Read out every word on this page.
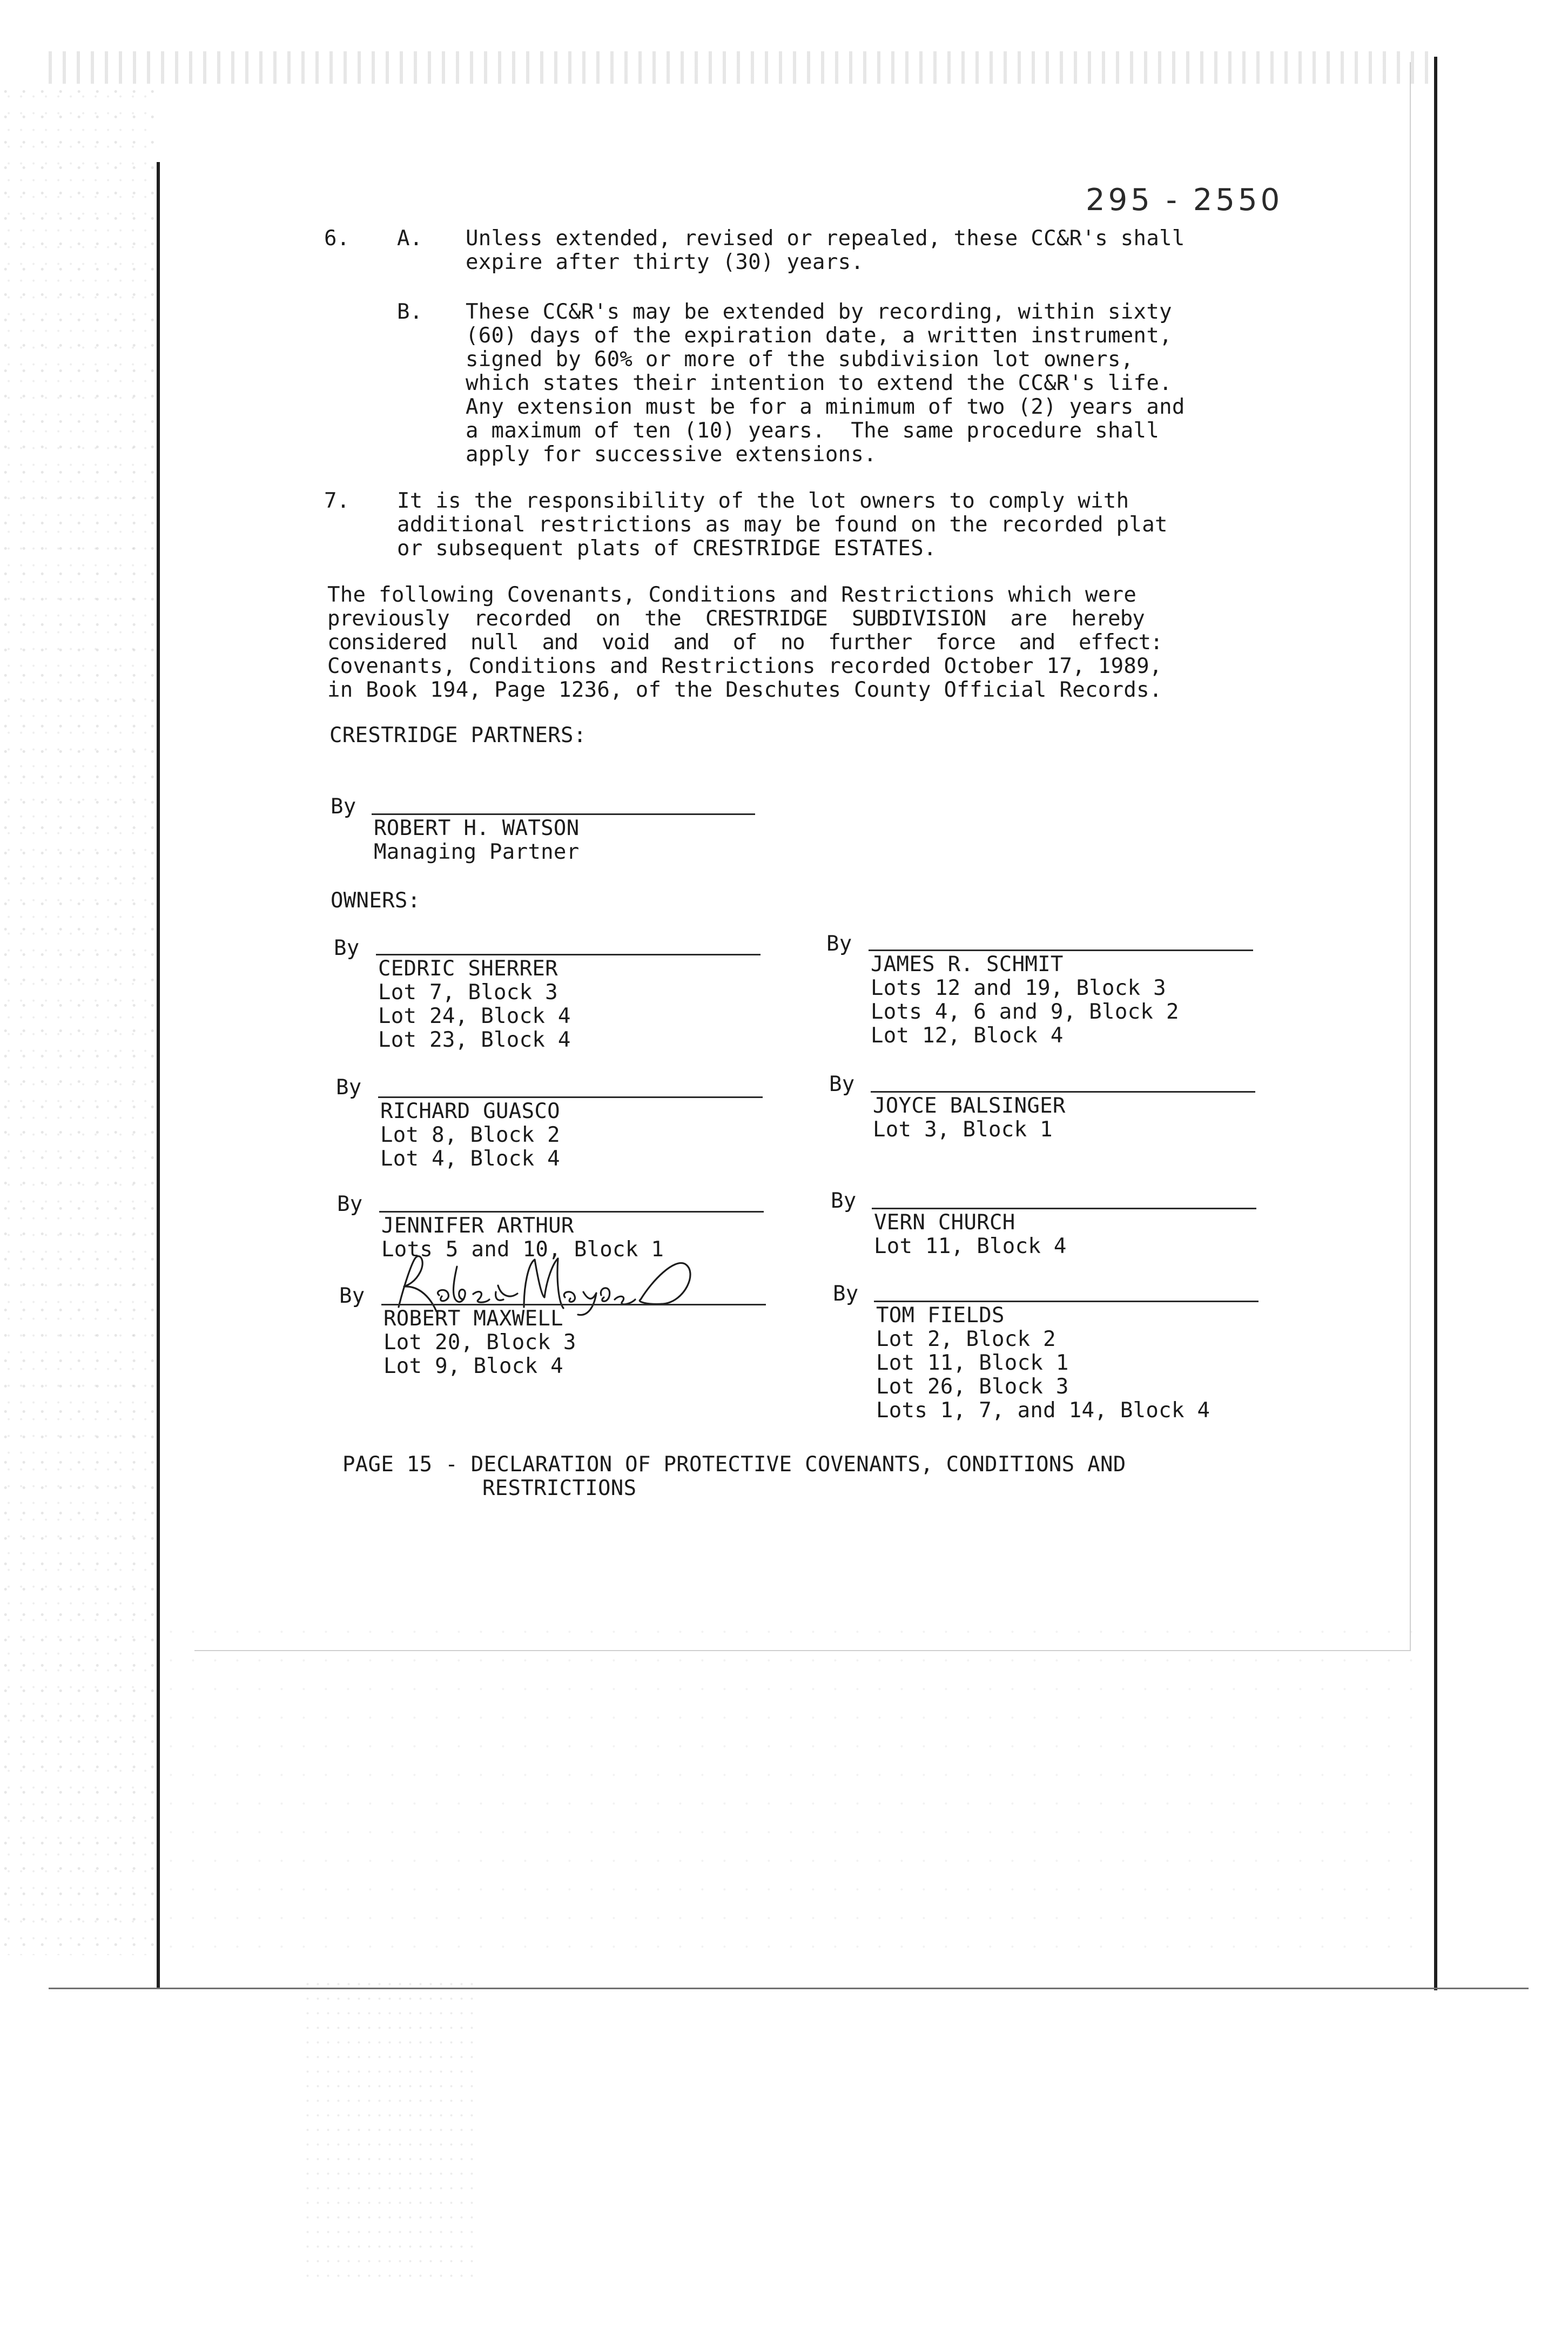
295 - 2550
6. A. Unless extended, revised or repealed, these CC&R's shall
expire after thirty (30) years.
B. These CC&R's may be extended by recording, within sixty
(60) days of the expiration date, a written instrument,
signed by 60% or more of the subdivision lot owners,
which states their intention to extend the CC&R's life.
Any extension must be for a minimum of two (2) years and
a maximum of ten (10) years.  The same procedure shall
apply for successive extensions.
7. It is the responsibility of the lot owners to comply with
additional restrictions as may be found on the recorded plat
or subsequent plats of CRESTRIDGE ESTATES.
The following Covenants, Conditions and Restrictions which were
previously  recorded  on  the  CRESTRIDGE  SUBDIVISION  are  hereby
considered  null  and  void  and  of  no  further  force  and  effect:
Covenants, Conditions and Restrictions recorded October 17, 1989,
in Book 194, Page 1236, of the Deschutes County Official Records.
CRESTRIDGE PARTNERS:
By
ROBERT H. WATSON
Managing Partner
OWNERS:
By
CEDRIC SHERRER
Lot 7, Block 3
Lot 24, Block 4
Lot 23, Block 4
By
JAMES R. SCHMIT
Lots 12 and 19, Block 3
Lots 4, 6 and 9, Block 2
Lot 12, Block 4
By
RICHARD GUASCO
Lot 8, Block 2
Lot 4, Block 4
By
JOYCE BALSINGER
Lot 3, Block 1
By
JENNIFER ARTHUR
Lots 5 and 10, Block 1
By
VERN CHURCH
Lot 11, Block 4
By
ROBERT MAXWELL
Lot 20, Block 3
Lot 9, Block 4
By
TOM FIELDS
Lot 2, Block 2
Lot 11, Block 1
Lot 26, Block 3
Lots 1, 7, and 14, Block 4
PAGE 15 - DECLARATION OF PROTECTIVE COVENANTS, CONDITIONS AND
RESTRICTIONS
